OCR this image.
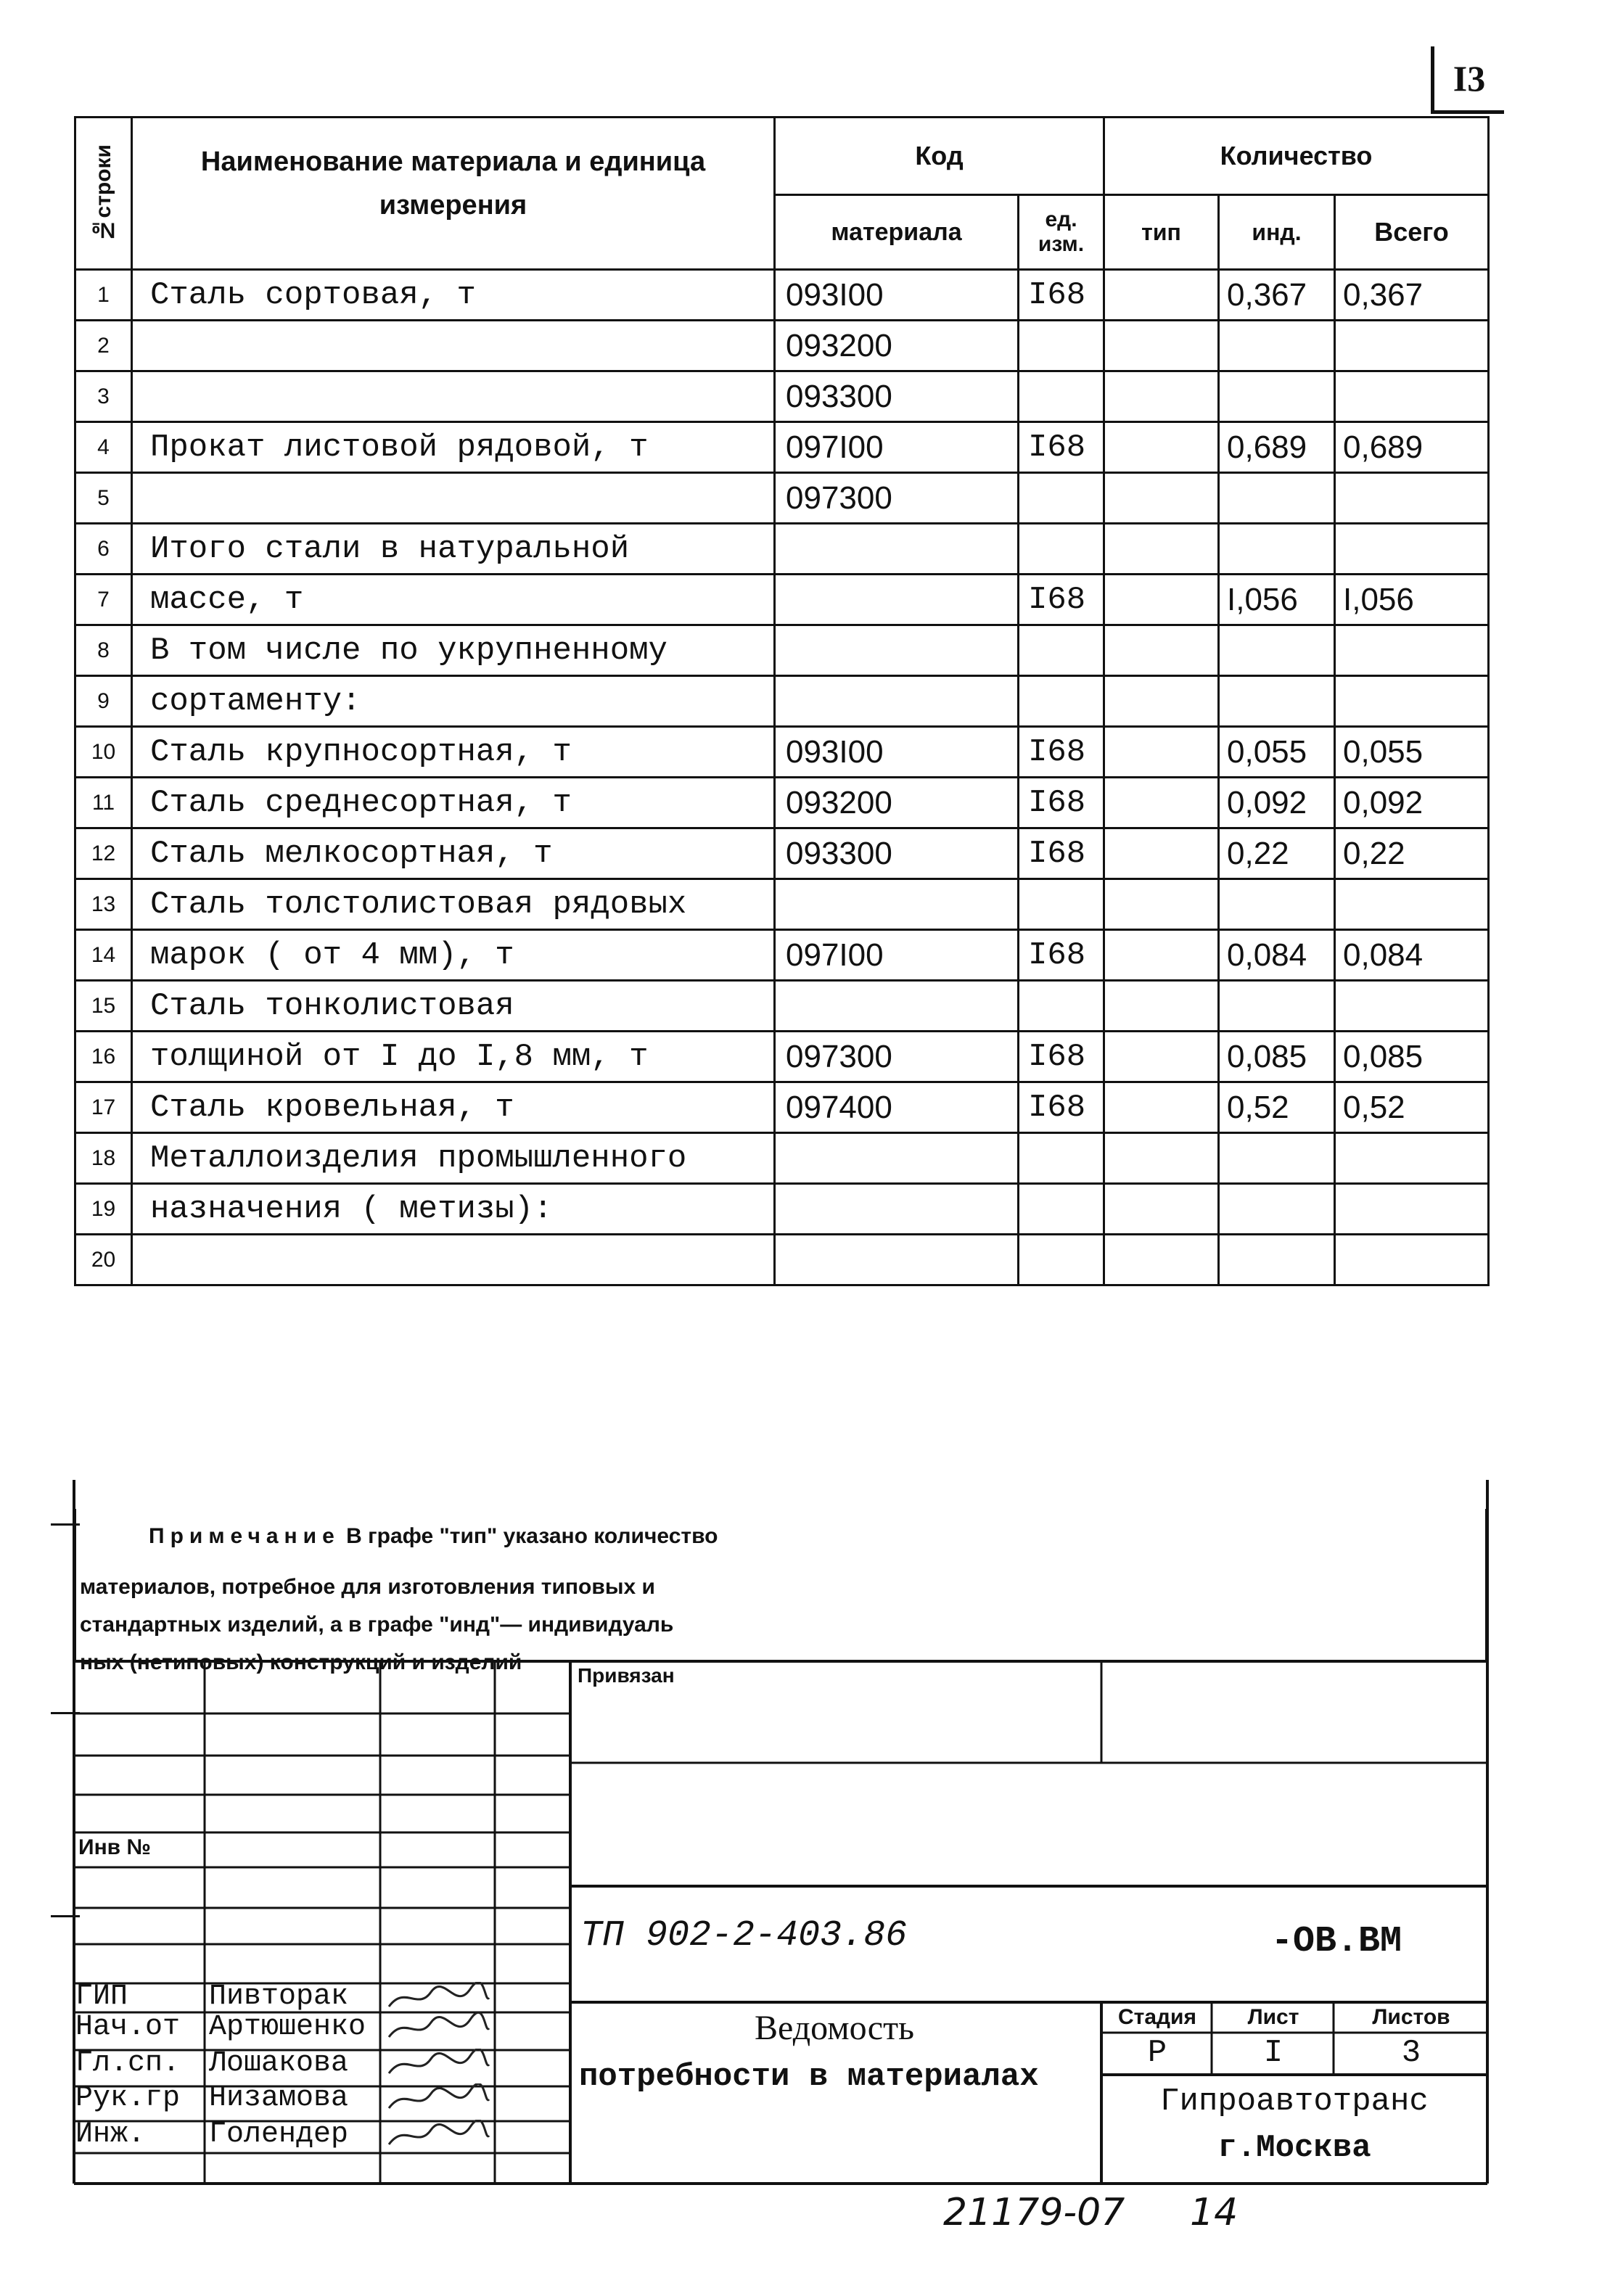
I3
№строки	Наименование материала и единица измерения	Код		Количество		
		материала	ед. изм.	тип	инд.	Всего
1	Сталь сортовая, т	093I00	I68		0,367	0,367
2		093200				
3		093300				
4	Прокат листовой рядовой, т	097I00	I68		0,689	0,689
5		097300				
6	Итого стали в натуральной					
7	массе, т		I68		I,056	I,056
8	В том числе по укрупненному					
9	сортаменту:					
10	Сталь крупносортная, т	093I00	I68		0,055	0,055
11	Сталь среднесортная, т	093200	I68		0,092	0,092
12	Сталь мелкосортная, т	093300	I68		0,22	0,22
13	Сталь толстолистовая рядовых					
14	марок ( от 4 мм), т	097I00	I68		0,084	0,084
15	Сталь тонколистовая					
16	толщиной от I до I,8 мм, т	097300	I68		0,085	0,085
17	Сталь кровельная, т	097400	I68		0,52	0,52
18	Металлоизделия промышленного					
19	назначения ( метизы):					
20						
Примечание В графе "тип" указано количество
материалов, потребное для изготовления типовых и
стандартных изделий, а в графе "инд"— индивидуаль
ных (нетиповых) конструкций и изделий
Привязан
Инв №
ТП 902-2-403.86	-ОВ.ВМ
Ведомость
потребности в материалах
Стадия	Лист	Листов
Р	I	3
Гипроавтотранс
г.Москва
ГИП	Пивторак
Нач.от Артюшенко
Гл.сп. Лошакова
Рук.гр Низамова
Инж. Голендер
21179-07 14
